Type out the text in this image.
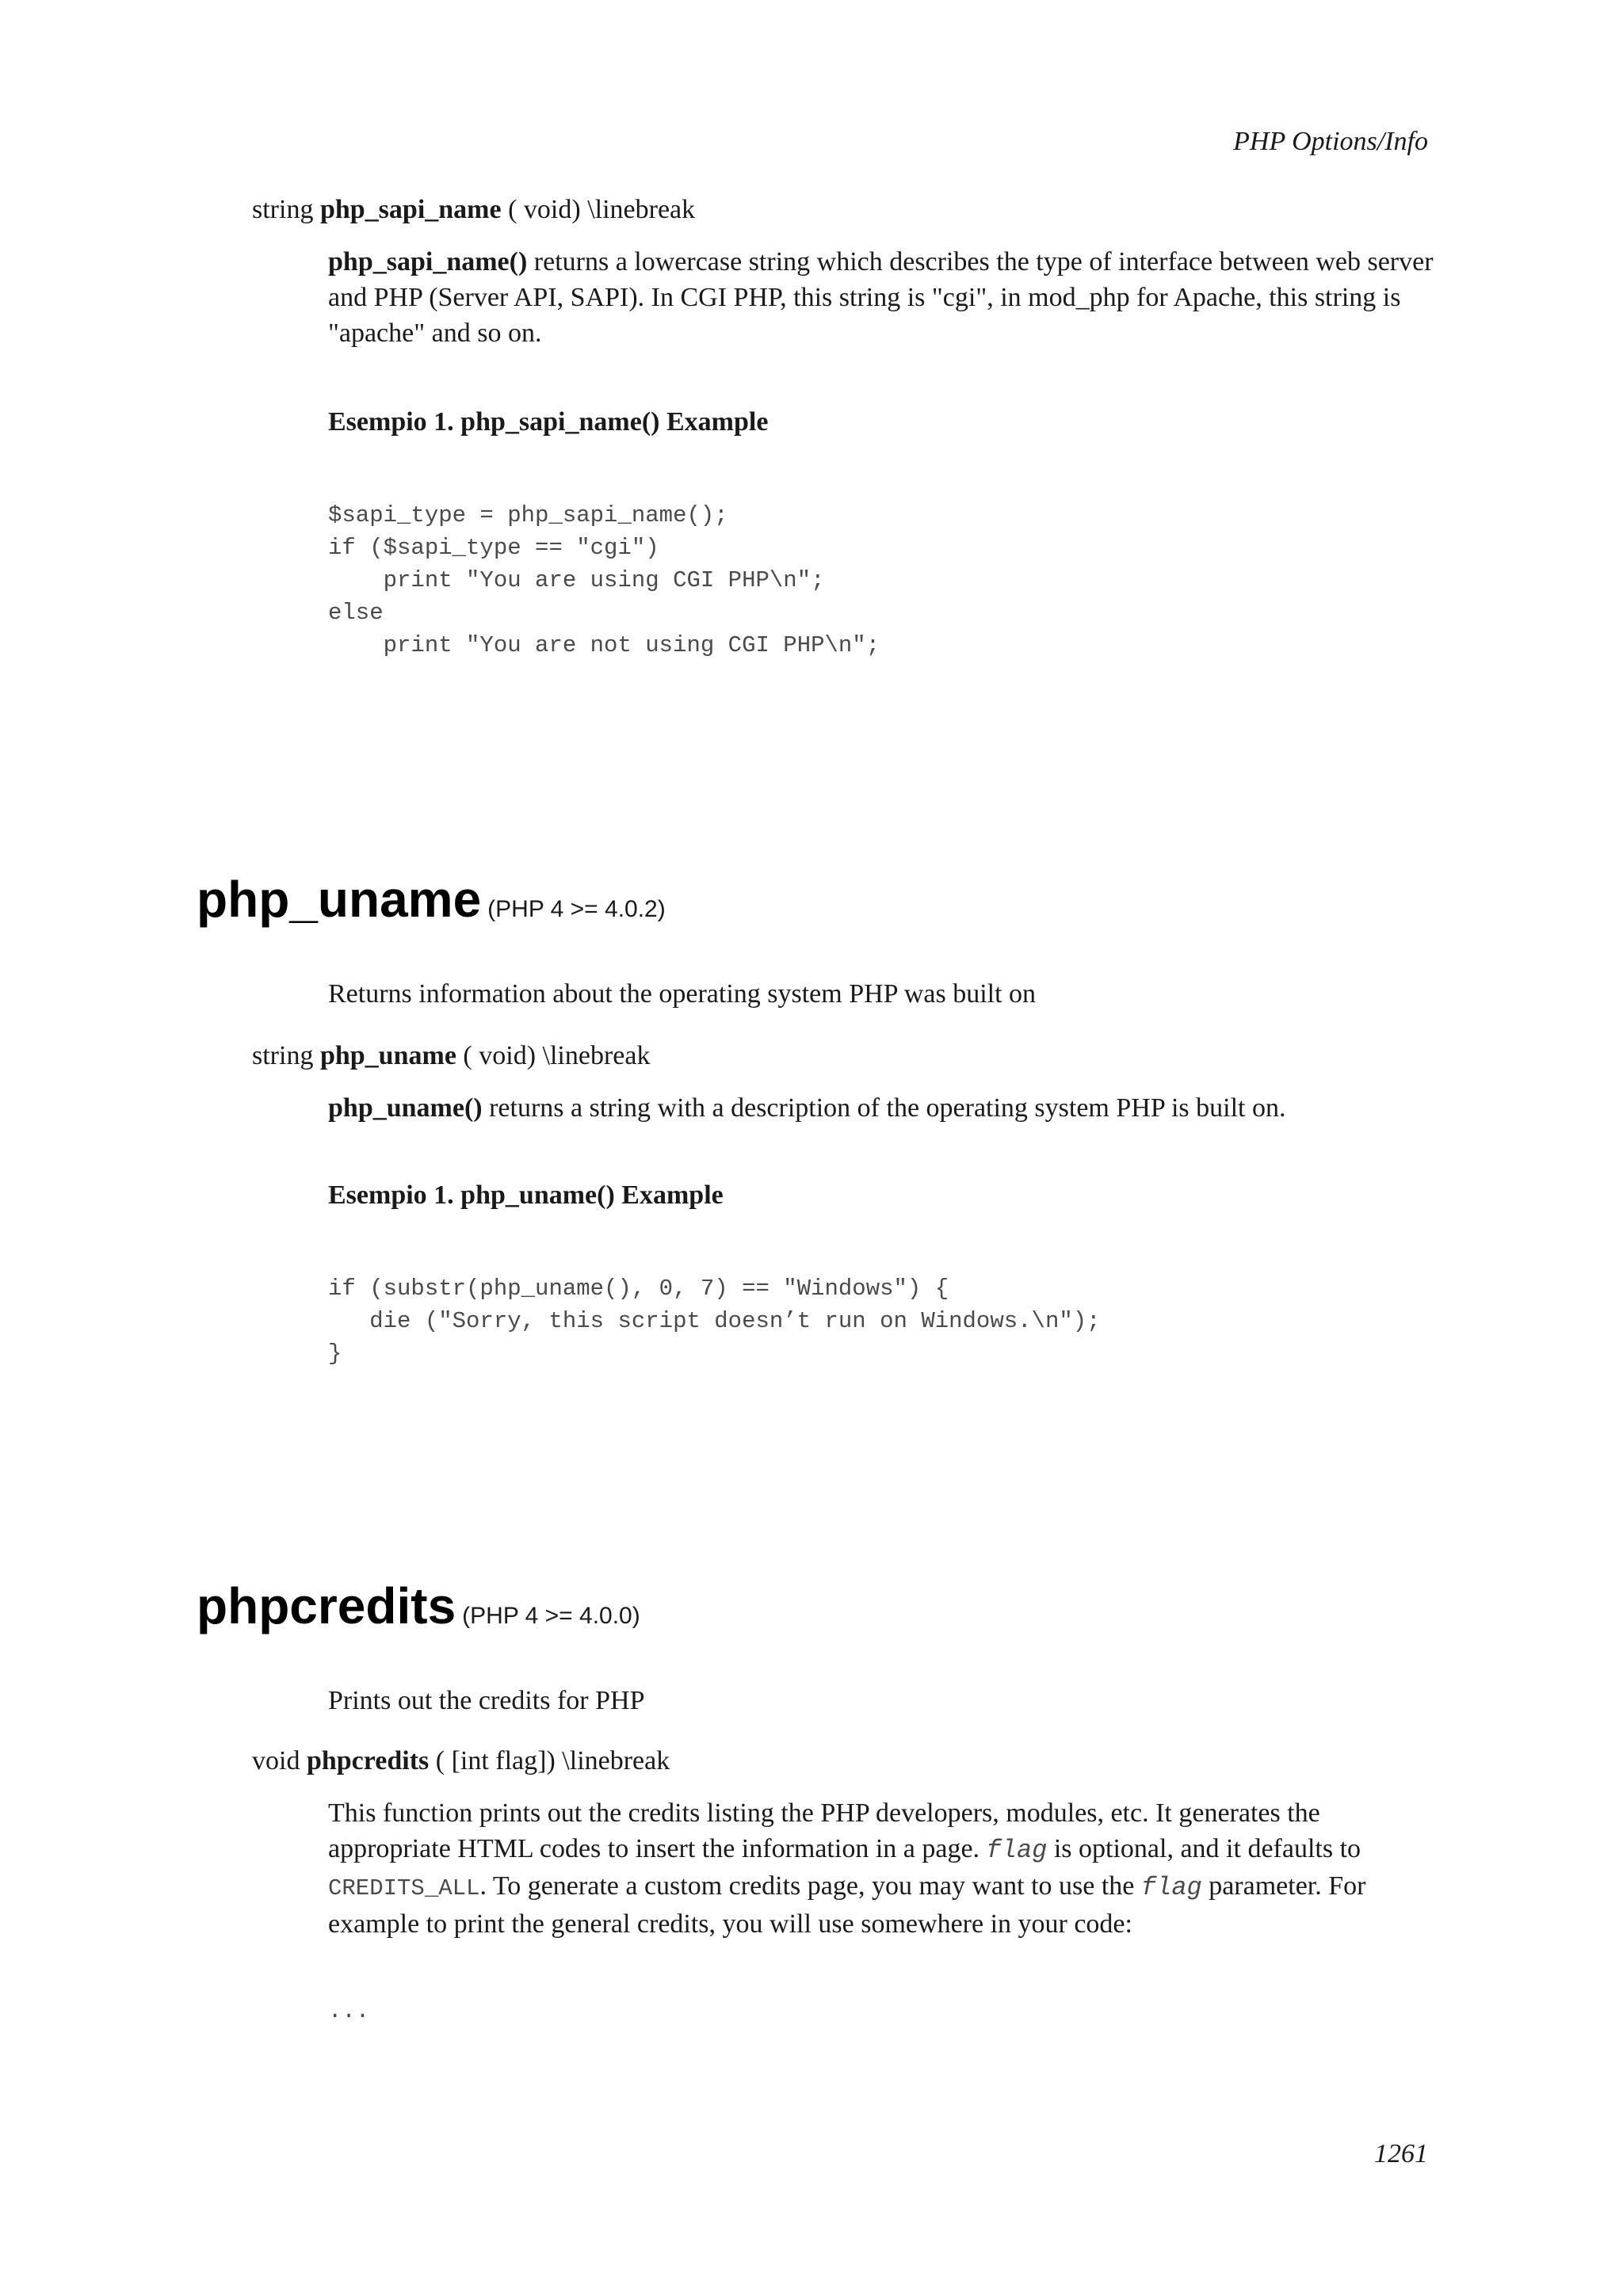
PHP Options/Info
string php_sapi_name ( void) \linebreak
php_sapi_name() returns a lowercase string which describes the type of interface between web server and PHP (Server API, SAPI). In CGI PHP, this string is "cgi", in mod_php for Apache, this string is "apache" and so on.
Esempio 1. php_sapi_name() Example
$sapi_type = php_sapi_name();
if ($sapi_type == "cgi")
print "You are using CGI PHP\n";
else
print "You are not using CGI PHP\n";
php_uname (PHP 4 >= 4.0.2)
Returns information about the operating system PHP was built on
string php_uname ( void) \linebreak
php_uname() returns a string with a description of the operating system PHP is built on.
Esempio 1. php_uname() Example
if (substr(php_uname(), 0, 7) == "Windows") {
die ("Sorry, this script doesn’t run on Windows.\n");
}
phpcredits (PHP 4 >= 4.0.0)
Prints out the credits for PHP
void phpcredits ( [int flag]) \linebreak
This function prints out the credits listing the PHP developers, modules, etc. It generates the appropriate HTML codes to insert the information in a page. flag is optional, and it defaults to CREDITS_ALL. To generate a custom credits page, you may want to use the flag parameter. For example to print the general credits, you will use somewhere in your code:
...
1261
